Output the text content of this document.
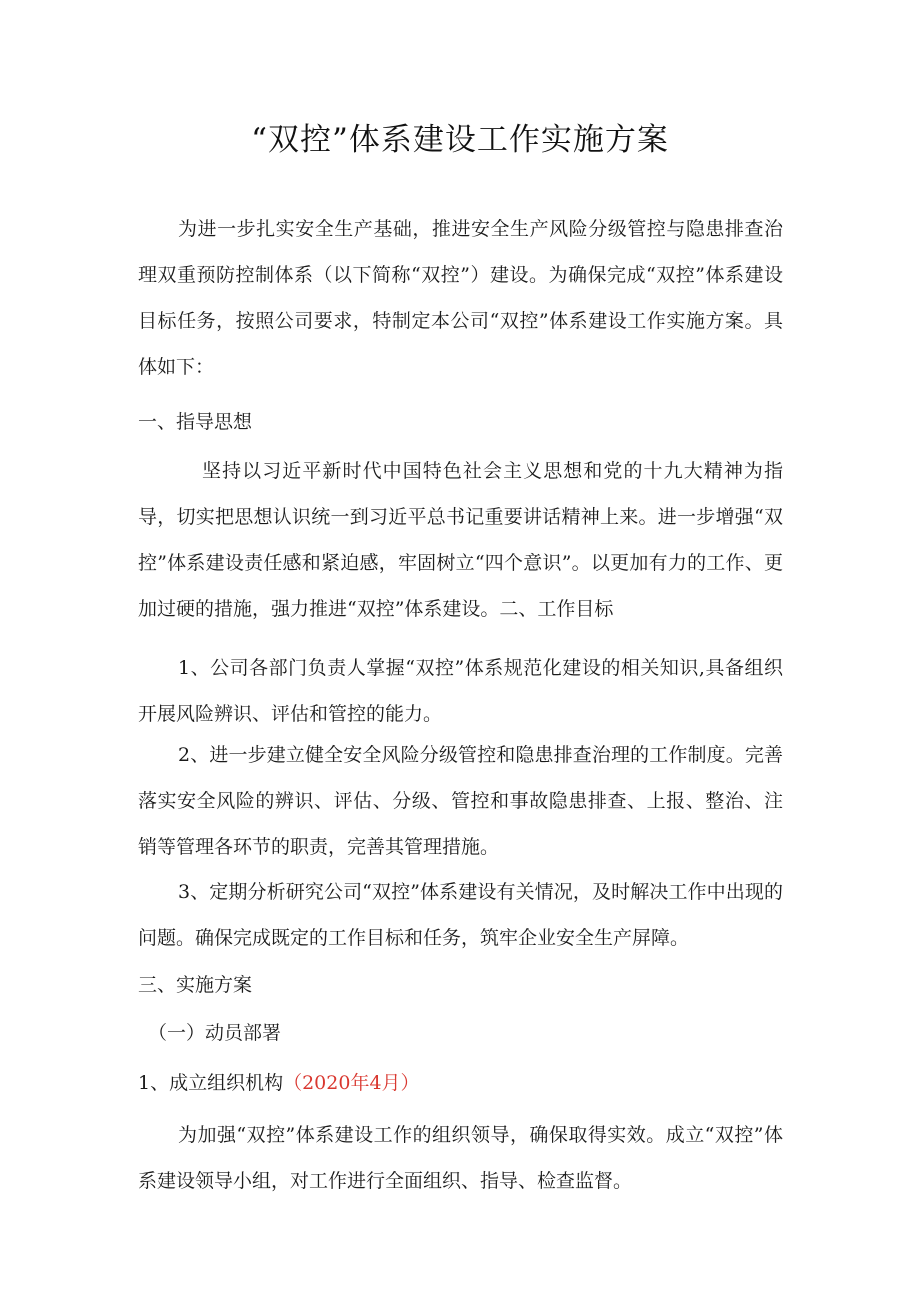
“双控”体系建设工作实施方案
为进一步扎实安全生产基础，推进安全生产风险分级管控与隐患排查治理双重预防控制体系（以下简称“双控”）建设。为确保完成“双控”体系建设目标任务，按照公司要求，特制定本公司“双控”体系建设工作实施方案。具体如下：
一、指导思想
坚持以习近平新时代中国特色社会主义思想和党的十九大精神为指导，切实把思想认识统一到习近平总书记重要讲话精神上来。进一步增强“双控”体系建设责任感和紧迫感，牢固树立“四个意识”。以更加有力的工作、更加过硬的措施，强力推进“双控”体系建设。二、工作目标
1、公司各部门负责人掌握“双控”体系规范化建设的相关知识,具备组织开展风险辨识、评估和管控的能力。
2、进一步建立健全安全风险分级管控和隐患排查治理的工作制度。完善落实安全风险的辨识、评估、分级、管控和事故隐患排查、上报、整治、注销等管理各环节的职责，完善其管理措施。
3、定期分析研究公司“双控”体系建设有关情况，及时解决工作中出现的问题。确保完成既定的工作目标和任务，筑牢企业安全生产屏障。
三、实施方案
（一）动员部署
1、成立组织机构（2020年4月）
为加强“双控”体系建设工作的组织领导，确保取得实效。成立“双控”体系建设领导小组，对工作进行全面组织、指导、检查监督。
